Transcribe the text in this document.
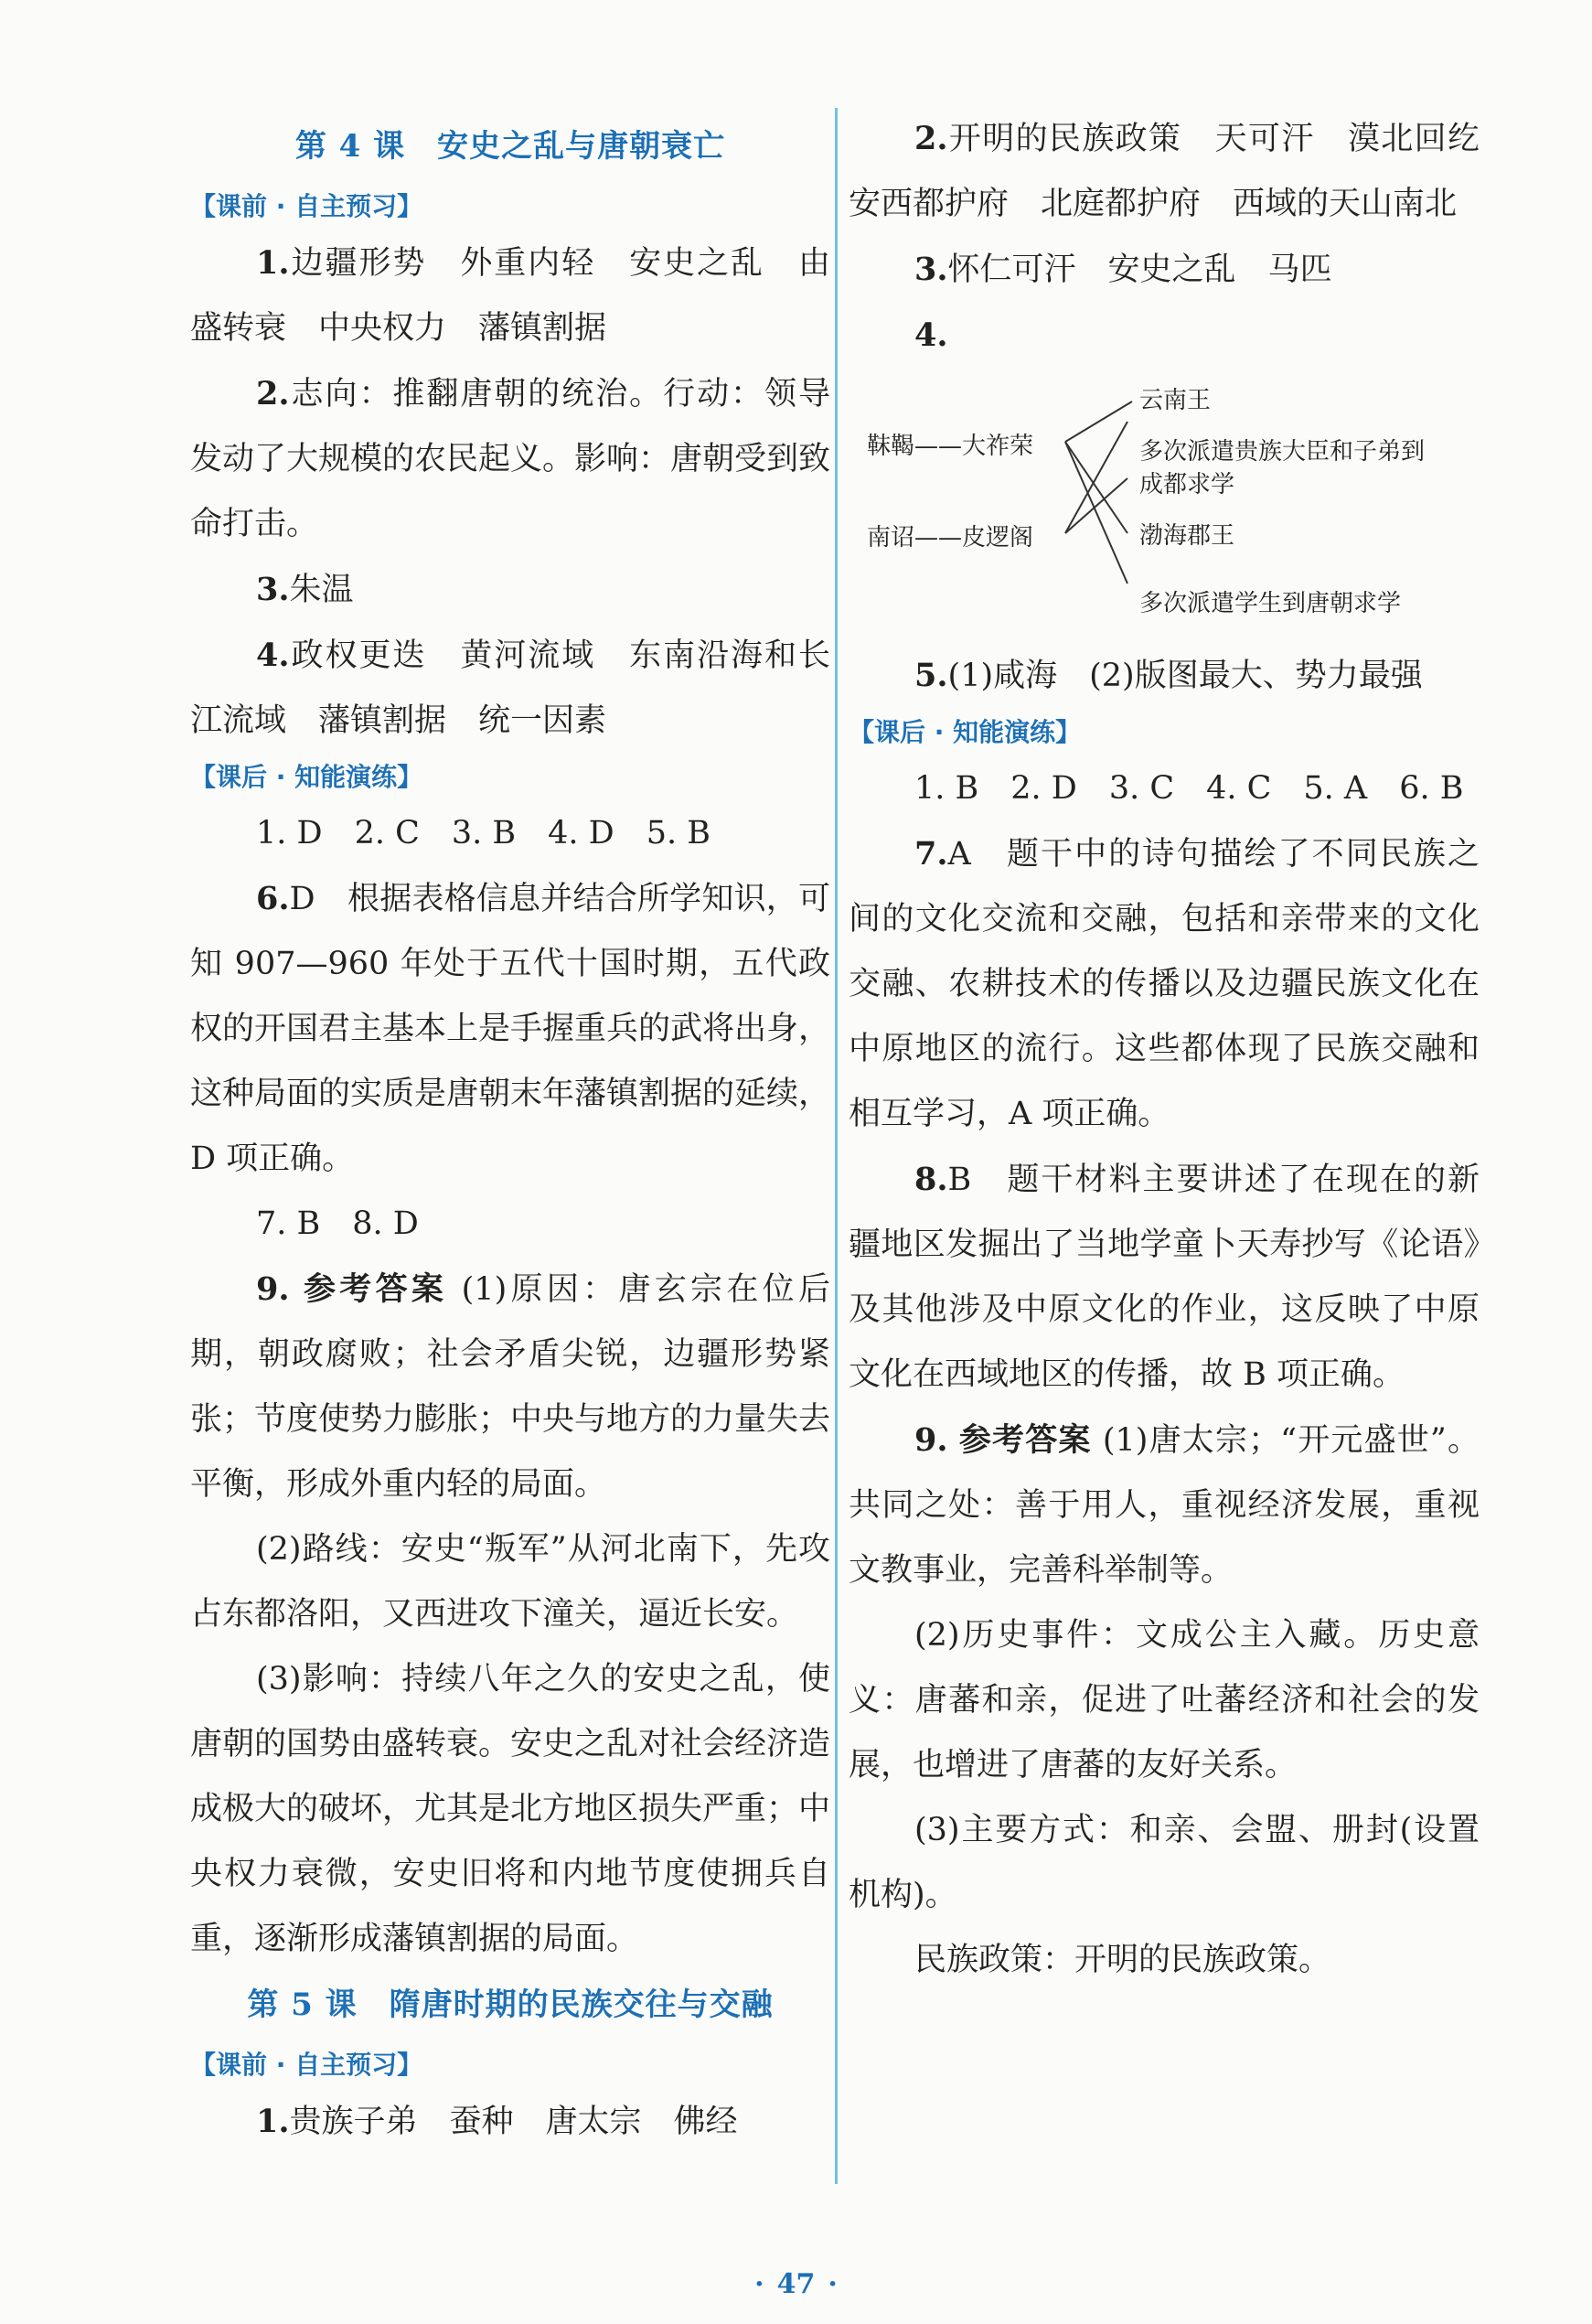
第 4 课　安史之乱与唐朝衰亡
【课前 · 自主预习】

1.边疆形势　外重内轻　安史之乱　由盛转衰　中央权力　藩镇割据

2.志向：推翻唐朝的统治。行动：领导发动了大规模的农民起义。影响：唐朝受到致命打击。

3.朱温

4.政权更迭　黄河流域　东南沿海和长江流域　藩镇割据　统一因素

【课后 · 知能演练】

1. D　2. C　3. B　4. D　5. B

6.D　根据表格信息并结合所学知识，可知 907—960 年处于五代十国时期，五代政权的开国君主基本上是手握重兵的武将出身，这种局面的实质是唐朝末年藩镇割据的延续，D 项正确。

7. B　8. D

9. 参考答案 (1)原因：唐玄宗在位后期，朝政腐败；社会矛盾尖锐，边疆形势紧张；节度使势力膨胀；中央与地方的力量失去平衡，形成外重内轻的局面。

(2)路线：安史“叛军”从河北南下，先攻占东都洛阳，又西进攻下潼关，逼近长安。

(3)影响：持续八年之久的安史之乱，使唐朝的国势由盛转衰。安史之乱对社会经济造成极大的破坏，尤其是北方地区损失严重；中央权力衰微，安史旧将和内地节度使拥兵自重，逐渐形成藩镇割据的局面。

第 5 课　隋唐时期的民族交往与交融
【课前 · 自主预习】

1.贵族子弟　蚕种　唐太宗　佛经

2.开明的民族政策　天可汗　漠北回纥　安西都护府　北庭都护府　西域的天山南北

3.怀仁可汗　安史之乱　马匹

4.

靺鞨——大祚荣
南诏——皮逻阁
云南王
多次派遣贵族大臣和子弟到
成都求学
渤海郡王
多次派遣学生到唐朝求学

5.(1)咸海　(2)版图最大、势力最强

【课后 · 知能演练】

1. B　2. D　3. C　4. C　5. A　6. B

7.A　题干中的诗句描绘了不同民族之间的文化交流和交融，包括和亲带来的文化交融、农耕技术的传播以及边疆民族文化在中原地区的流行。这些都体现了民族交融和相互学习，A 项正确。

8.B　题干材料主要讲述了在现在的新疆地区发掘出了当地学童卜天寿抄写《论语》及其他涉及中原文化的作业，这反映了中原文化在西域地区的传播，故 B 项正确。

9. 参考答案 (1)唐太宗；“开元盛世”。共同之处：善于用人，重视经济发展，重视文教事业，完善科举制等。

(2)历史事件：文成公主入藏。历史意义：唐蕃和亲，促进了吐蕃经济和社会的发展，也增进了唐蕃的友好关系。

(3)主要方式：和亲、会盟、册封(设置机构)。

民族政策：开明的民族政策。

· 47 ·
